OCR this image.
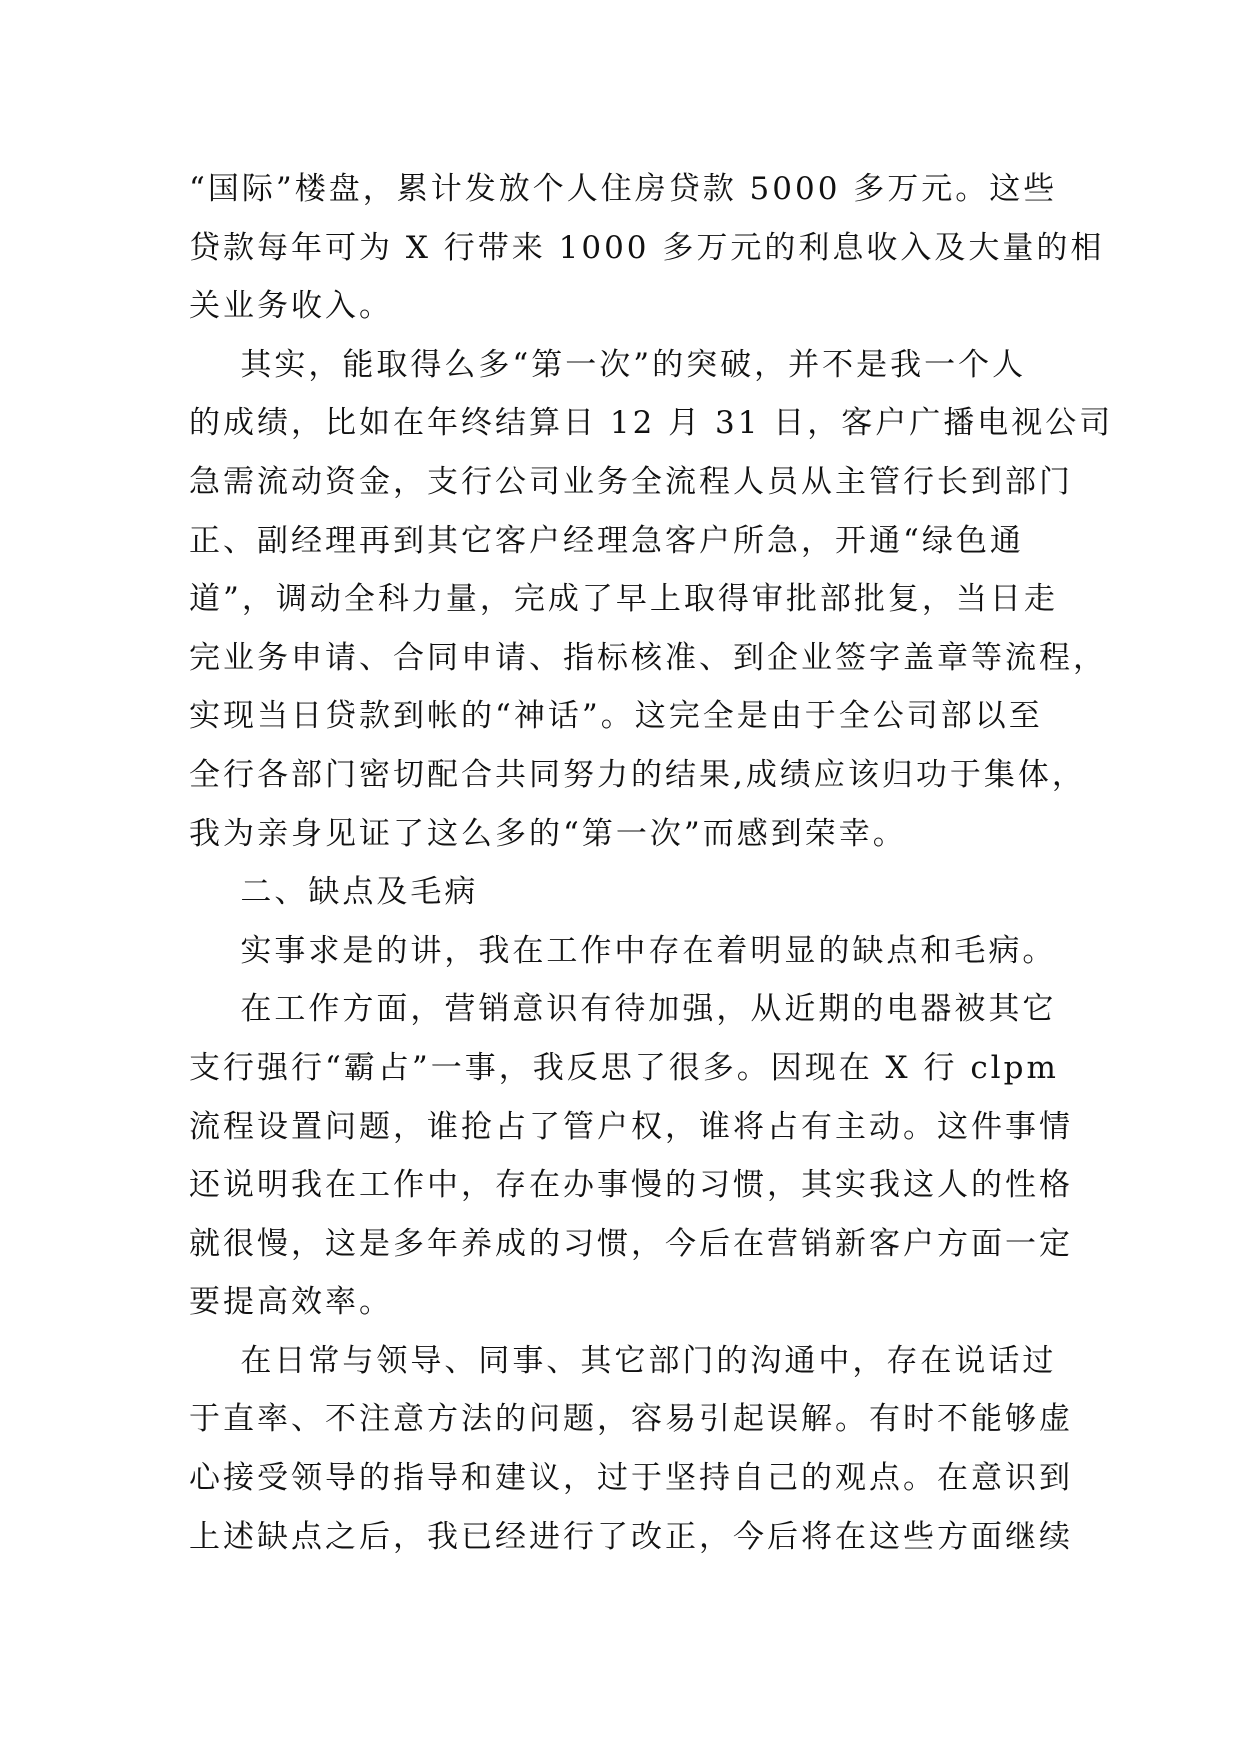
“国际”楼盘，累计发放个人住房贷款 5000 多万元。这些
贷款每年可为 X 行带来 1000 多万元的利息收入及大量的相
关业务收入。
其实，能取得么多“第一次”的突破，并不是我一个人
的成绩，比如在年终结算日 12 月 31 日，客户广播电视公司
急需流动资金，支行公司业务全流程人员从主管行长到部门
正、副经理再到其它客户经理急客户所急，开通“绿色通
道”，调动全科力量，完成了早上取得审批部批复，当日走
完业务申请、合同申请、指标核准、到企业签字盖章等流程，
实现当日贷款到帐的“神话”。这完全是由于全公司部以至
全行各部门密切配合共同努力的结果,成绩应该归功于集体，
我为亲身见证了这么多的“第一次”而感到荣幸。
二、缺点及毛病
实事求是的讲，我在工作中存在着明显的缺点和毛病。
在工作方面，营销意识有待加强，从近期的电器被其它
支行强行“霸占”一事，我反思了很多。因现在 X 行 clpm
流程设置问题，谁抢占了管户权，谁将占有主动。这件事情
还说明我在工作中，存在办事慢的习惯，其实我这人的性格
就很慢，这是多年养成的习惯，今后在营销新客户方面一定
要提高效率。
在日常与领导、同事、其它部门的沟通中，存在说话过
于直率、不注意方法的问题，容易引起误解。有时不能够虚
心接受领导的指导和建议，过于坚持自己的观点。在意识到
上述缺点之后，我已经进行了改正，今后将在这些方面继续
